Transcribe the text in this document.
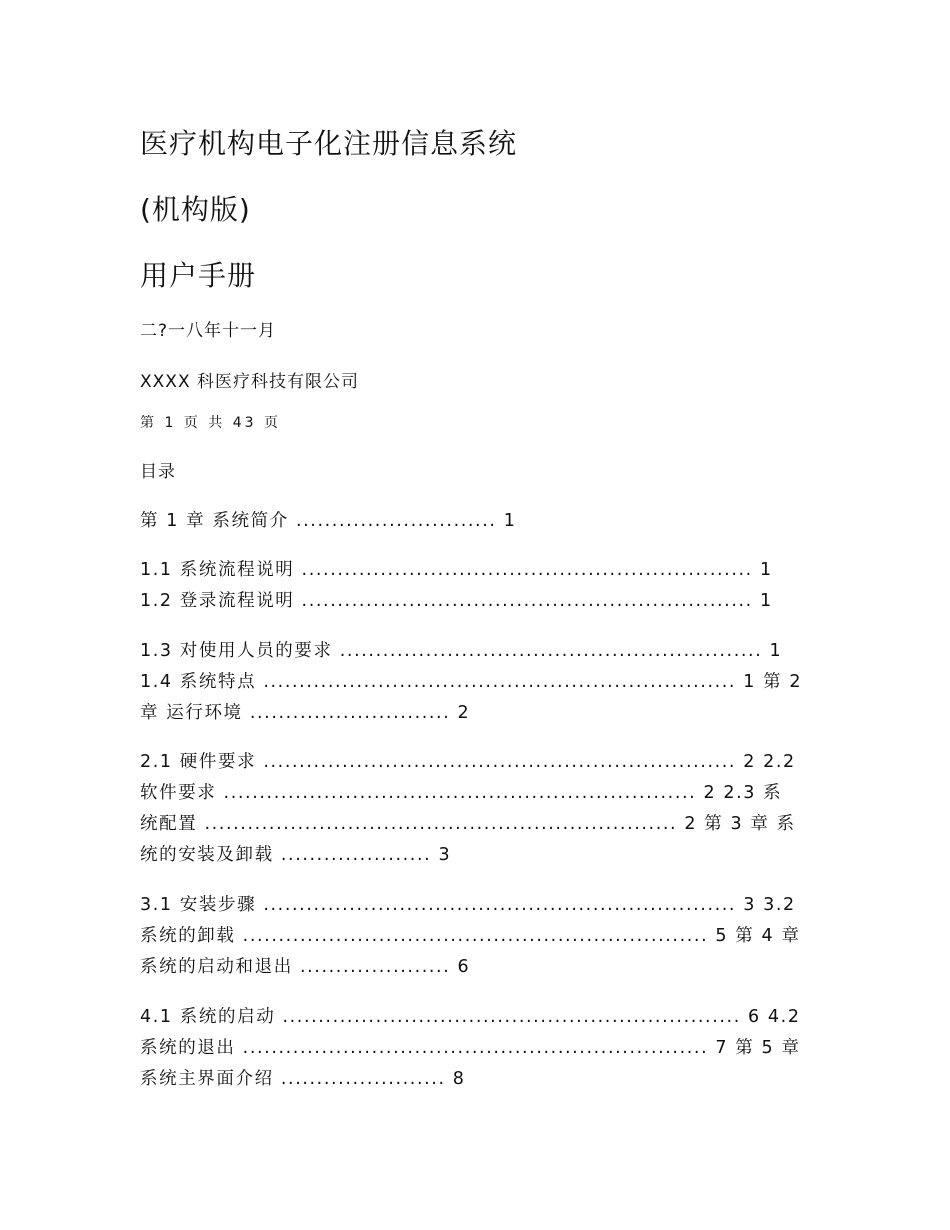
医疗机构电子化注册信息系统
(机构版)
用户手册
二?一八年十一月
XXXX 科医疗科技有限公司
第 1 页 共 43 页
目录
第 1 章 系统简介 ............................ 1
1.1 系统流程说明 ............................................................... 1
1.2 登录流程说明 ............................................................... 1
1.3 对使用人员的要求 ........................................................... 1
1.4 系统特点 .................................................................. 1 第 2
章 运行环境 ............................ 2
2.1 硬件要求 .................................................................. 2 2.2
软件要求 .................................................................. 2 2.3 系
统配置 .................................................................. 2 第 3 章 系
统的安装及卸载 ..................... 3
3.1 安装步骤 .................................................................. 3 3.2
系统的卸载 ................................................................. 5 第 4 章
系统的启动和退出 ..................... 6
4.1 系统的启动 ................................................................ 6 4.2
系统的退出 ................................................................. 7 第 5 章
系统主界面介绍 ....................... 8
